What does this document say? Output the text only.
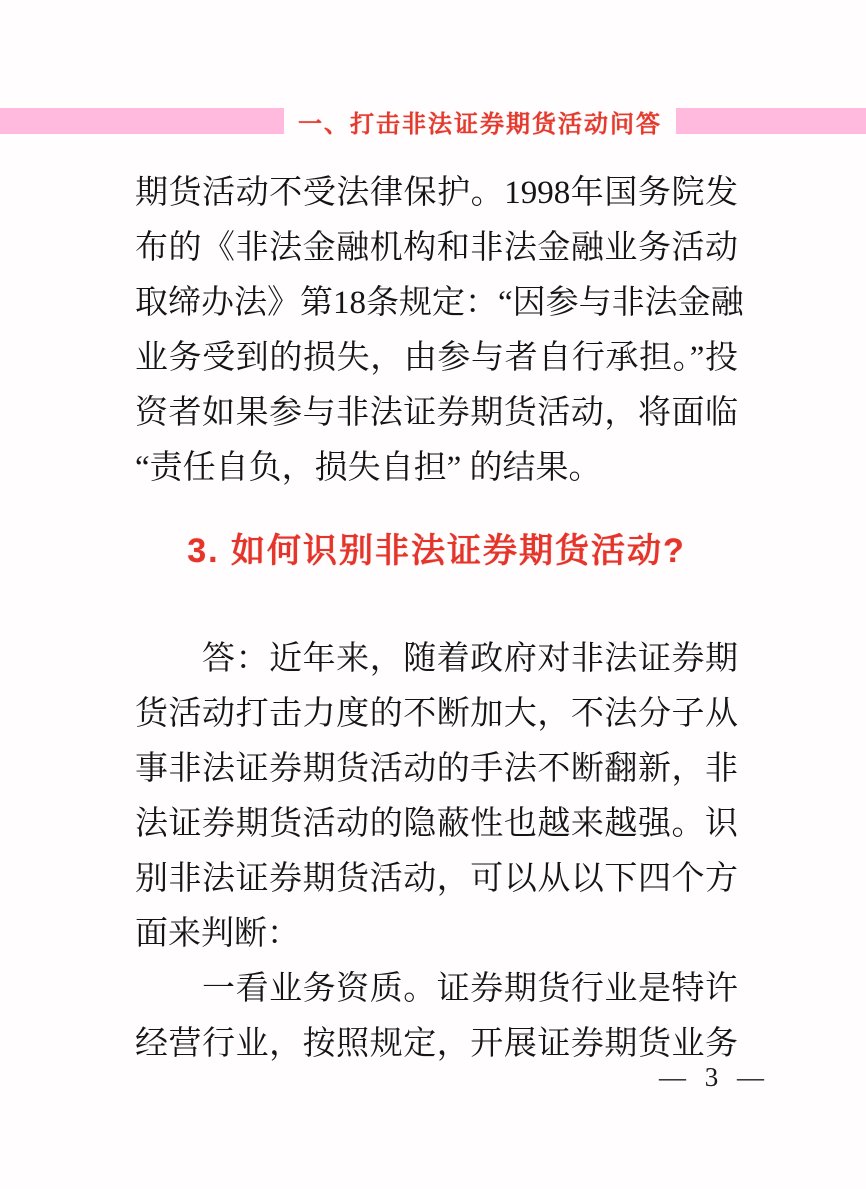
一、打击非法证券期货活动问答
期货活动不受法律保护。1998年国务院发
布的《非法金融机构和非法金融业务活动
取缔办法》第18条规定：“因参与非法金融
业务受到的损失，由参与者自行承担。”投
资者如果参与非法证券期货活动，将面临
“责任自负，损失自担” 的结果。
3. 如何识别非法证券期货活动?
　　答：近年来，随着政府对非法证券期
货活动打击力度的不断加大，不法分子从
事非法证券期货活动的手法不断翻新，非
法证券期货活动的隐蔽性也越来越强。识
别非法证券期货活动，可以从以下四个方
面来判断：
　　一看业务资质。证券期货行业是特许
经营行业，按照规定，开展证券期货业务
— 3 —
